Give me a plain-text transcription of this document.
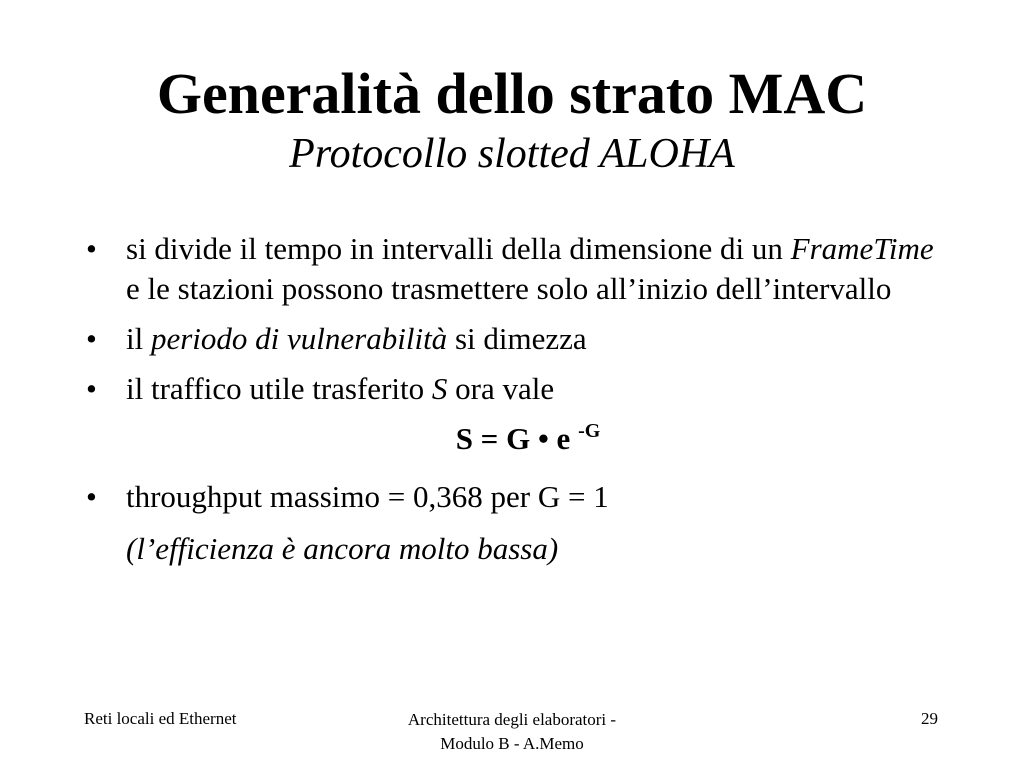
Generalità dello strato MAC
Protocollo slotted ALOHA
• si divide il tempo in intervalli della dimensione di un FrameTime e le stazioni possono trasmettere solo all’inizio dell’intervallo
• il periodo di vulnerabilità si dimezza
• il traffico utile trasferito S ora vale
S = G • e $^{-G}$
• throughput massimo = 0,368 per G = 1
(l’efficienza è ancora molto bassa)
Reti locali ed Ethernet	Architettura degli elaboratori -
Modulo B - A.Memo
29
